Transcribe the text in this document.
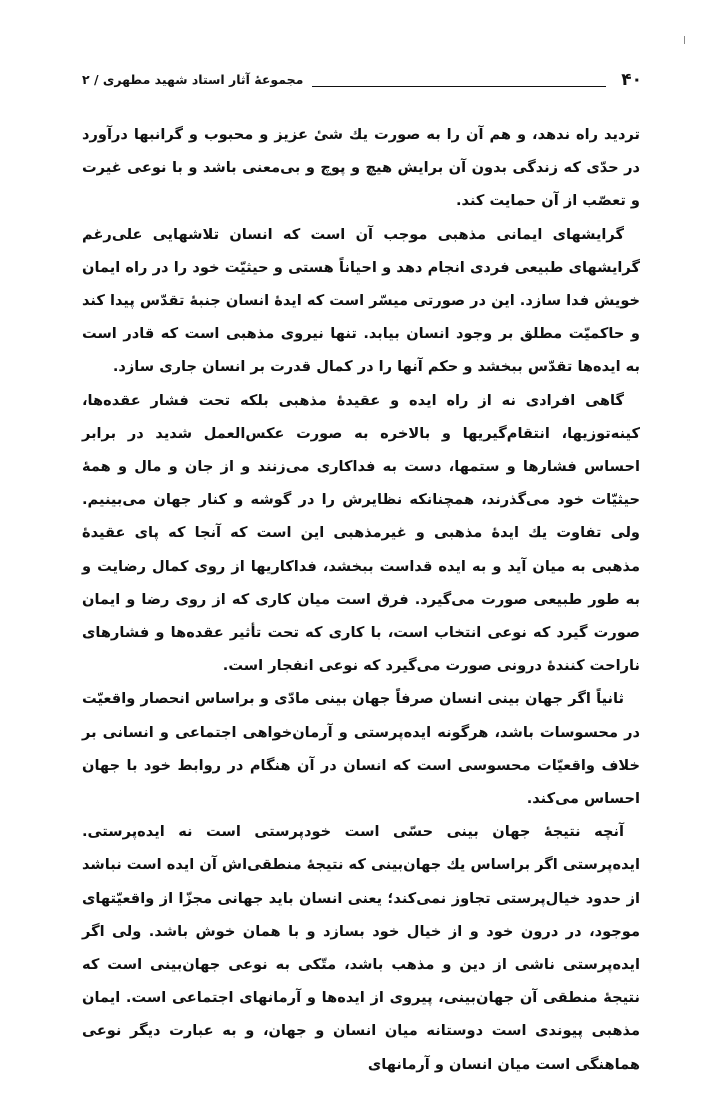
۴۰
مجموعهٔ آثار استاد شهید مطهری / ۲

تردید راه ندهد، و هم آن را به صورت یك شیٔ عزیز و محبوب و گرانبها درآورد در حدّی که زندگی بدون آن برایش هیچ و پوچ و بی‌معنی باشد و با نوعی غیرت و تعصّب از آن حمایت کند.

گرایشهای ایمانی مذهبی موجب آن است که انسان تلاشهایی علی‌رغم گرایشهای طبیعی فردی انجام دهد و احیاناً هستی و حیثیّت خود را در راه ایمان خویش فدا سازد. این در صورتی میسّر است که ایدهٔ انسان جنبهٔ تقدّس پیدا کند و حاکمیّت مطلق بر وجود انسان بیابد. تنها نیروی مذهبی است که قادر است به ایده‌ها تقدّس ببخشد و حکم آنها را در کمال قدرت بر انسان جاری سازد.

گاهی افرادی نه از راه ایده و عقیدهٔ مذهبی بلکه تحت فشار عقده‌ها، کینه‌توزیها، انتقام‌گیریها و بالاخره به صورت عکس‌العمل شدید در برابر احساس فشارها و ستمها، دست به فداکاری می‌زنند و از جان و مال و همهٔ حیثیّات خود می‌گذرند، همچنانکه نظایرش را در گوشه و کنار جهان می‌بینیم. ولی تفاوت یك ایدهٔ مذهبی و غیرمذهبی این است که آنجا که پای عقیدهٔ مذهبی به میان آید و به ایده قداست ببخشد، فداکاریها از روی کمال رضایت و به طور طبیعی صورت می‌گیرد. فرق است میان کاری که از روی رضا و ایمان صورت گیرد که نوعی انتخاب است، با کاری که تحت تأثیر عقده‌ها و فشارهای ناراحت کنندهٔ درونی صورت می‌گیرد که نوعی انفجار است.

ثانیاً اگر جهان بینی انسان صرفاً جهان بینی مادّی و براساس انحصار واقعیّت در محسوسات باشد، هرگونه ایده‌پرستی و آرمان‌خواهی اجتماعی و انسانی بر خلاف واقعیّات محسوسی است که انسان در آن هنگام در روابط خود با جهان احساس می‌کند.

آنچه نتیجهٔ جهان بینی حسّی است خودپرستی است نه ایده‌پرستی. ایده‌پرستی اگر براساس یك جهان‌بینی که نتیجهٔ منطقی‌اش آن ایده است نباشد از حدود خیال‌پرستی تجاوز نمی‌کند؛ یعنی انسان باید جهانی مجزّا از واقعیّتهای موجود، در درون خود و از خیال خود بسازد و با همان خوش باشد. ولی اگر ایده‌پرستی ناشی از دین و مذهب باشد، متّکی به نوعی جهان‌بینی است که نتیجهٔ منطقی آن جهان‌بینی، پیروی از ایده‌ها و آرمانهای اجتماعی است. ایمان مذهبی پیوندی است دوستانه میان انسان و جهان، و به عبارت دیگر نوعی هماهنگی است میان انسان و آرمانهای
